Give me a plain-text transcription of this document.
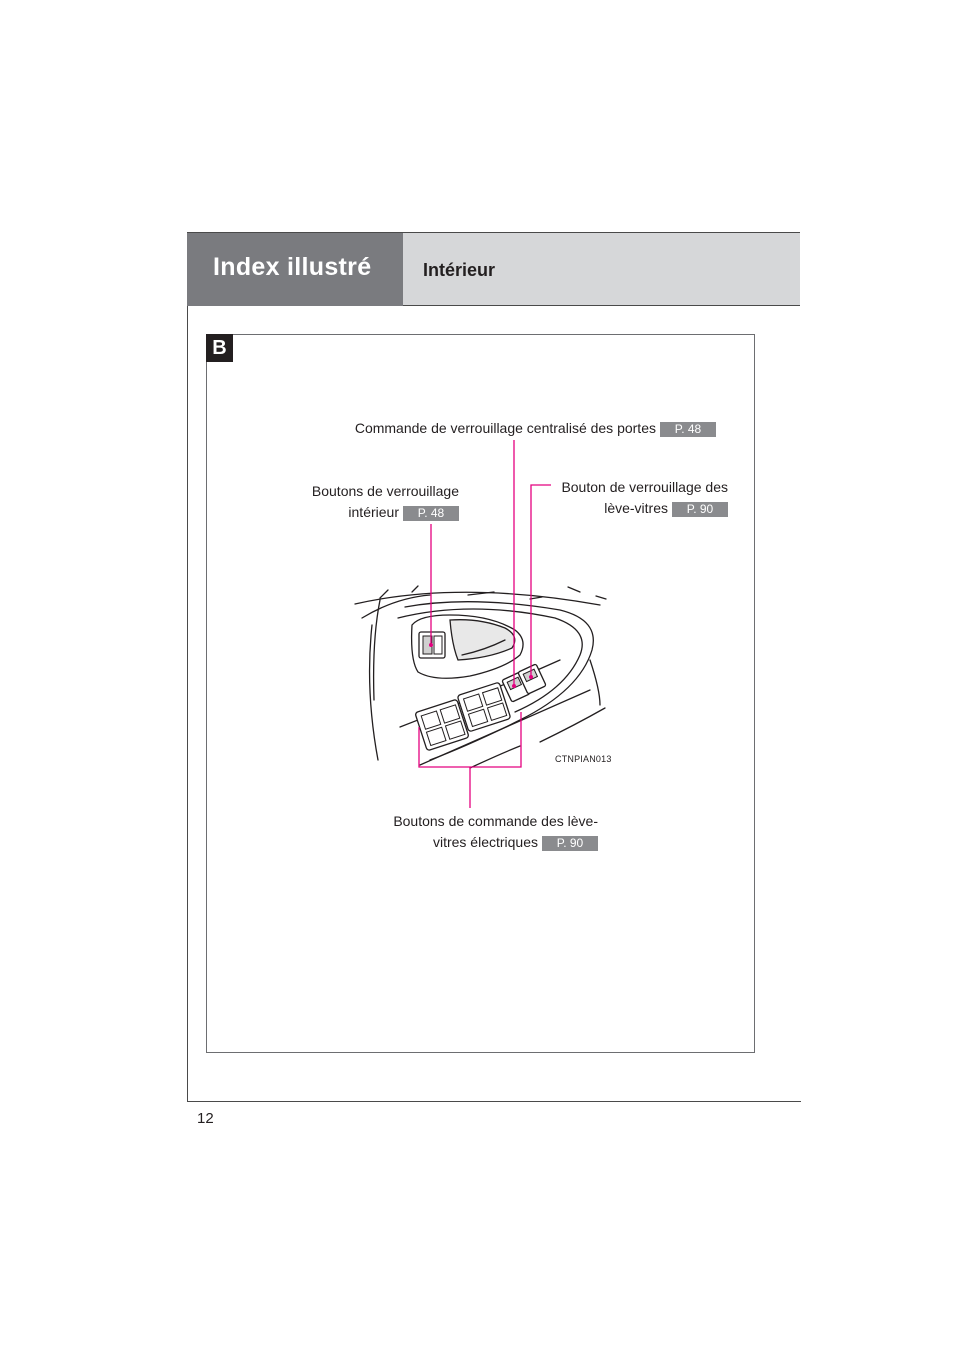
Index illustré	Intérieur
B
Commande de verrouillage centralisé des portes P. 48
Boutons de verrouillage
intérieur P. 48
Bouton de verrouillage des
lève-vitres P. 90
Boutons de commande des lève-
vitres électriques P. 90
CTNPIAN013
12
